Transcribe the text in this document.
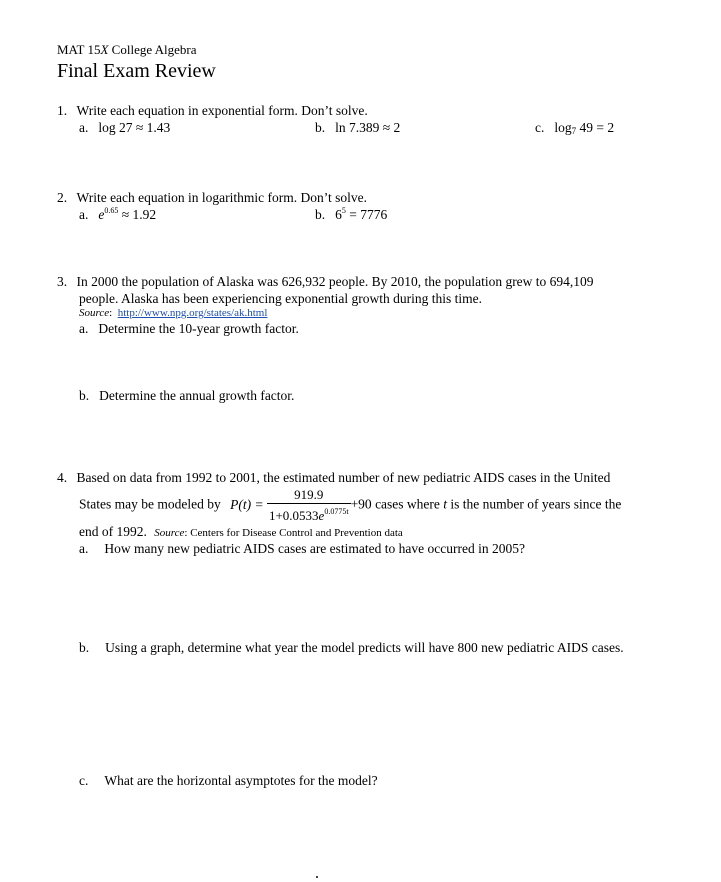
MAT 15X College Algebra
Final Exam Review
1. Write each equation in exponential form. Don’t solve.
a. log 27 ≈ 1.43	b. ln 7.389 ≈ 2	c. $\log_7 49 = 2$
2. Write each equation in logarithmic form. Don’t solve.
a. $e^{0.65} \approx 1.92$	b. $6^5 = 7776$
3. In 2000 the population of Alaska was 626,932 people. By 2010, the population grew to 694,109
people. Alaska has been experiencing exponential growth during this time.
Source:  http://www.npg.org/states/ak.html
a. Determine the 10-year growth factor.
b. Determine the annual growth factor.
4. Based on data from 1992 to 2001, the estimated number of new pediatric AIDS cases in the United
States may be modeled by $P(t) = \frac{919.9}{1+0.0533e^{0.0775t}} +90$ cases where t is the number of years since the
end of 1992. Source: Centers for Disease Control and Prevention data
a. How many new pediatric AIDS cases are estimated to have occurred in 2005?
b. Using a graph, determine what year the model predicts will have 800 new pediatric AIDS cases.
c. What are the horizontal asymptotes for the model?
